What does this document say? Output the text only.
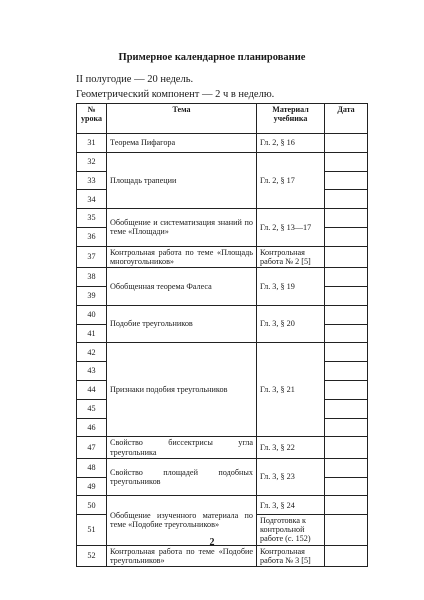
Примерное календарное планирование
II полугодие — 20 недель.
Геометрический компонент — 2 ч в неделю.
№ урока	Тема	Материал учебника	Дата
31	Теорема Пифагора	Гл. 2, § 16	
32	Площадь трапеции	Гл. 2, § 17	
33			
34			
35	Обобщение и систематизация знаний по теме «Площади»	Гл. 2, § 13—17	
36			
37	Контрольная работа по теме «Площадь многоугольников»	Контрольная работа № 2 [5]	
38	Обобщенная теорема Фалеса	Гл. 3, § 19	
39			
40	Подобие треугольников	Гл. 3, § 20	
41			
42	Признаки подобия треугольников	Гл. 3, § 21	
43			
44			
45			
46			
47	Свойство биссектрисы угла треугольника	Гл. 3, § 22	
48	Свойство площадей подобных треугольников	Гл. 3, § 23	
49			
50	Обобщение изученного материала по теме «Подобие треугольников»	Гл. 3, § 24	
51		Подготовка к контрольной работе (с. 152)	
52	Контрольная работа по теме «Подобие треугольников»	Контрольная работа № 3 [5]	
2
